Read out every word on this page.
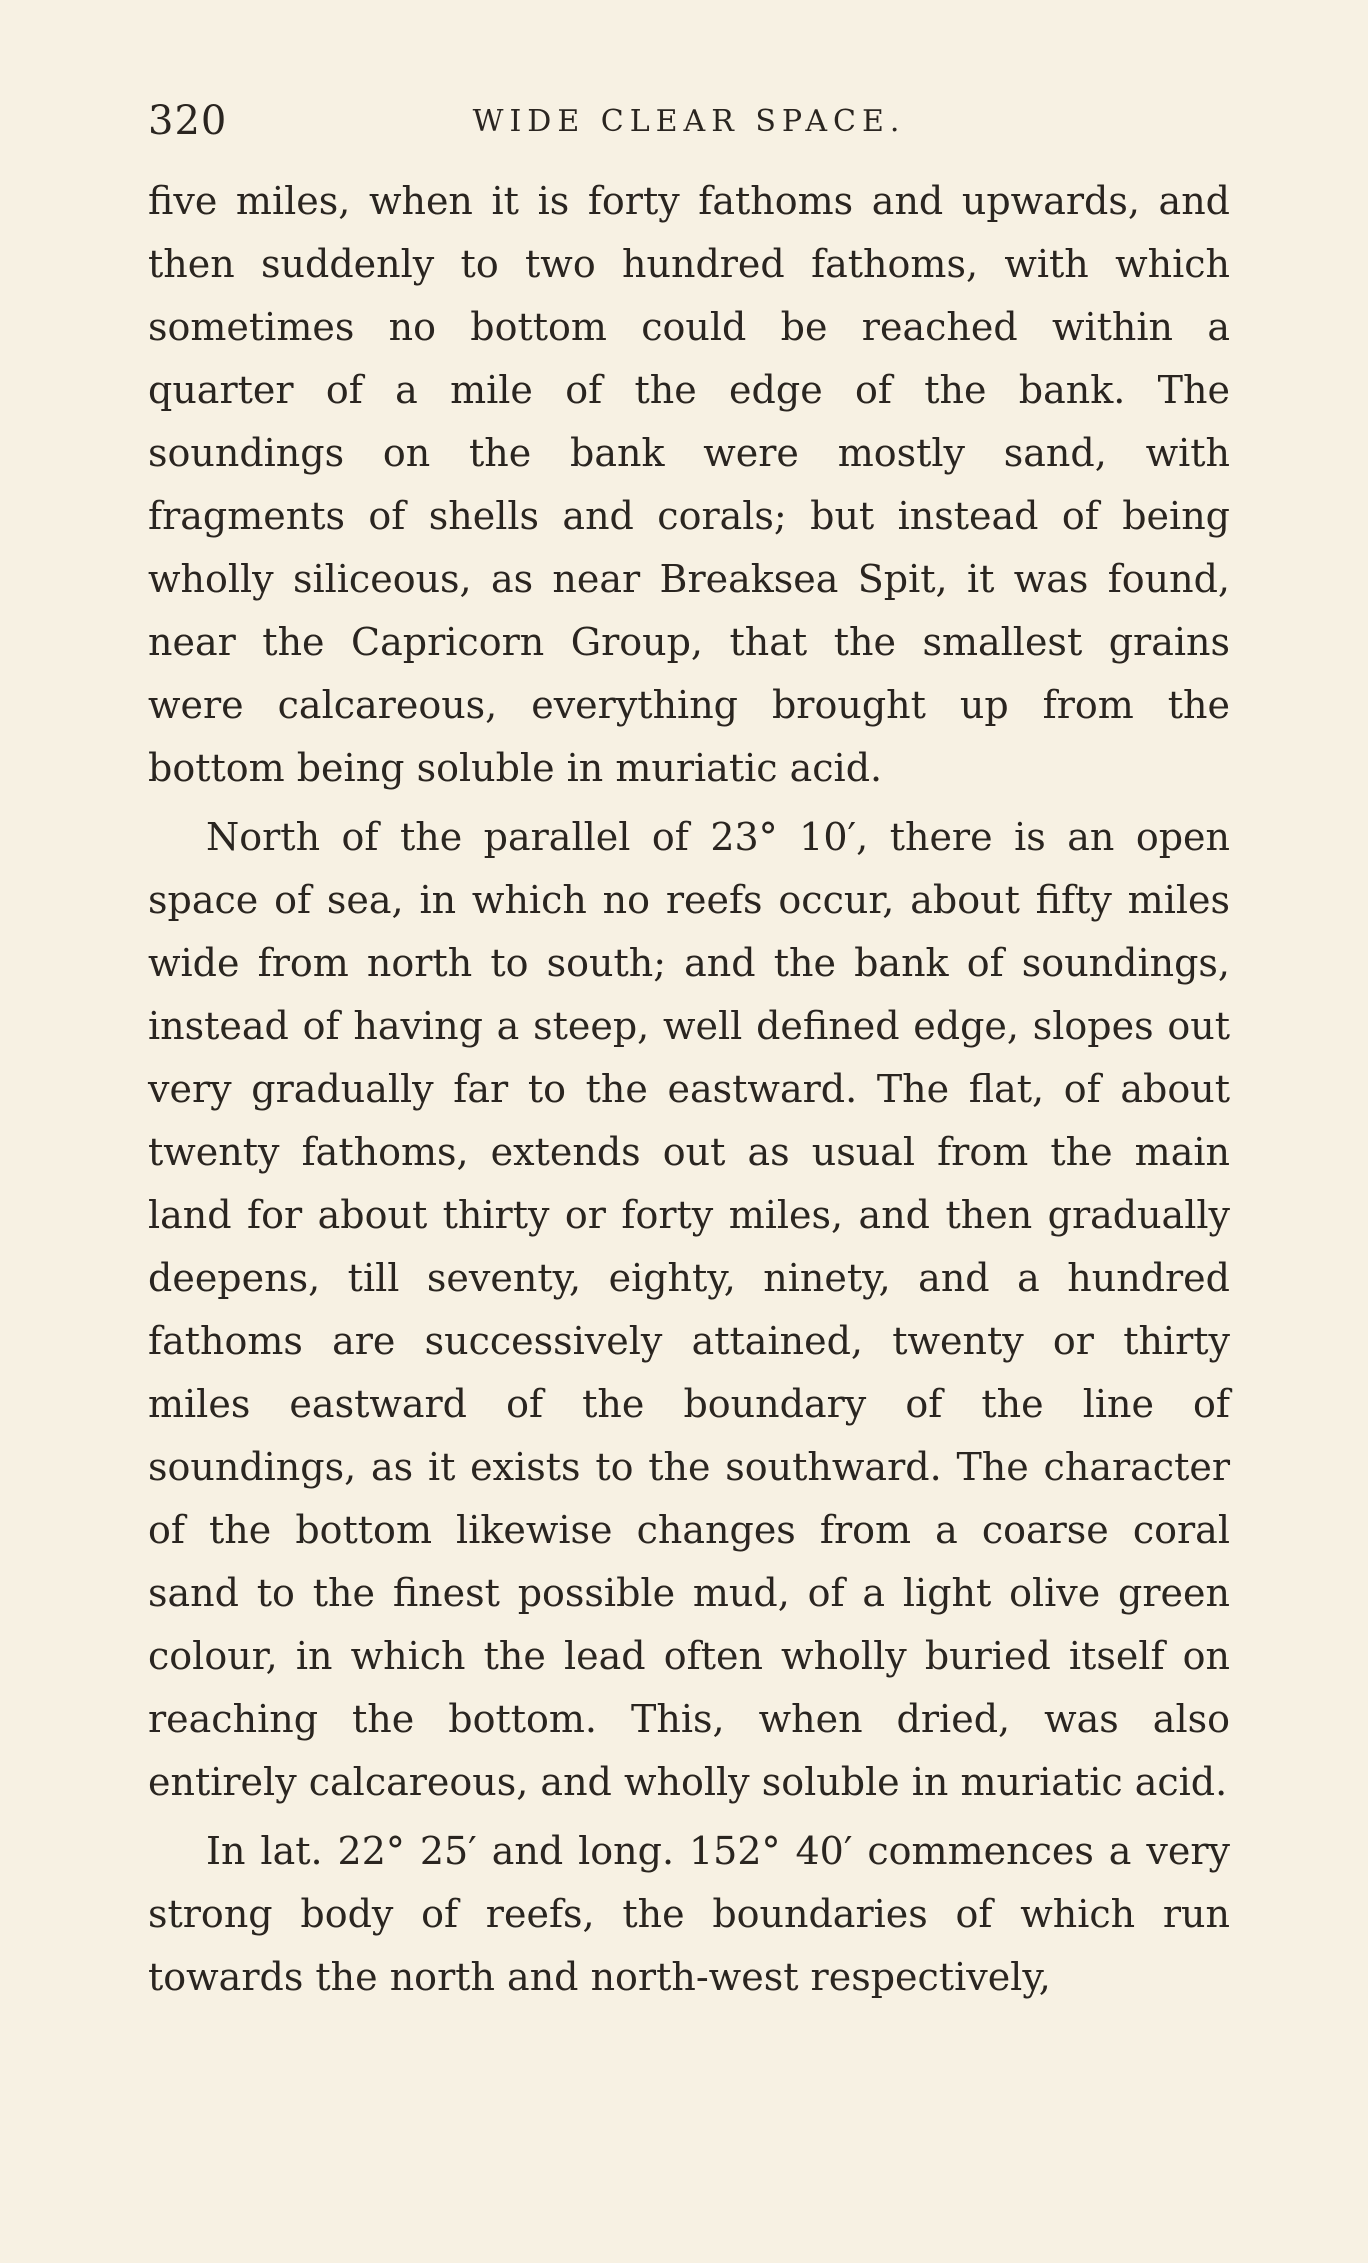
320	WIDE CLEAR SPACE.

five miles, when it is forty fathoms and upwards, and then suddenly to two hundred fathoms, with which sometimes no bottom could be reached within a quarter of a mile of the edge of the bank. The soundings on the bank were mostly sand, with fragments of shells and corals; but instead of being wholly siliceous, as near Breaksea Spit, it was found, near the Capricorn Group, that the smallest grains were calcareous, everything brought up from the bottom being soluble in muriatic acid.

North of the parallel of 23° 10′, there is an open space of sea, in which no reefs occur, about fifty miles wide from north to south; and the bank of soundings, instead of having a steep, well defined edge, slopes out very gradually far to the eastward. The flat, of about twenty fathoms, extends out as usual from the main land for about thirty or forty miles, and then gradually deepens, till seventy, eighty, ninety, and a hundred fathoms are successively attained, twenty or thirty miles eastward of the boundary of the line of soundings, as it exists to the southward. The character of the bottom likewise changes from a coarse coral sand to the finest possible mud, of a light olive green colour, in which the lead often wholly buried itself on reaching the bottom. This, when dried, was also entirely calcareous, and wholly soluble in muriatic acid.

In lat. 22° 25′ and long. 152° 40′ commences a very strong body of reefs, the boundaries of which run towards the north and north-west respectively,
